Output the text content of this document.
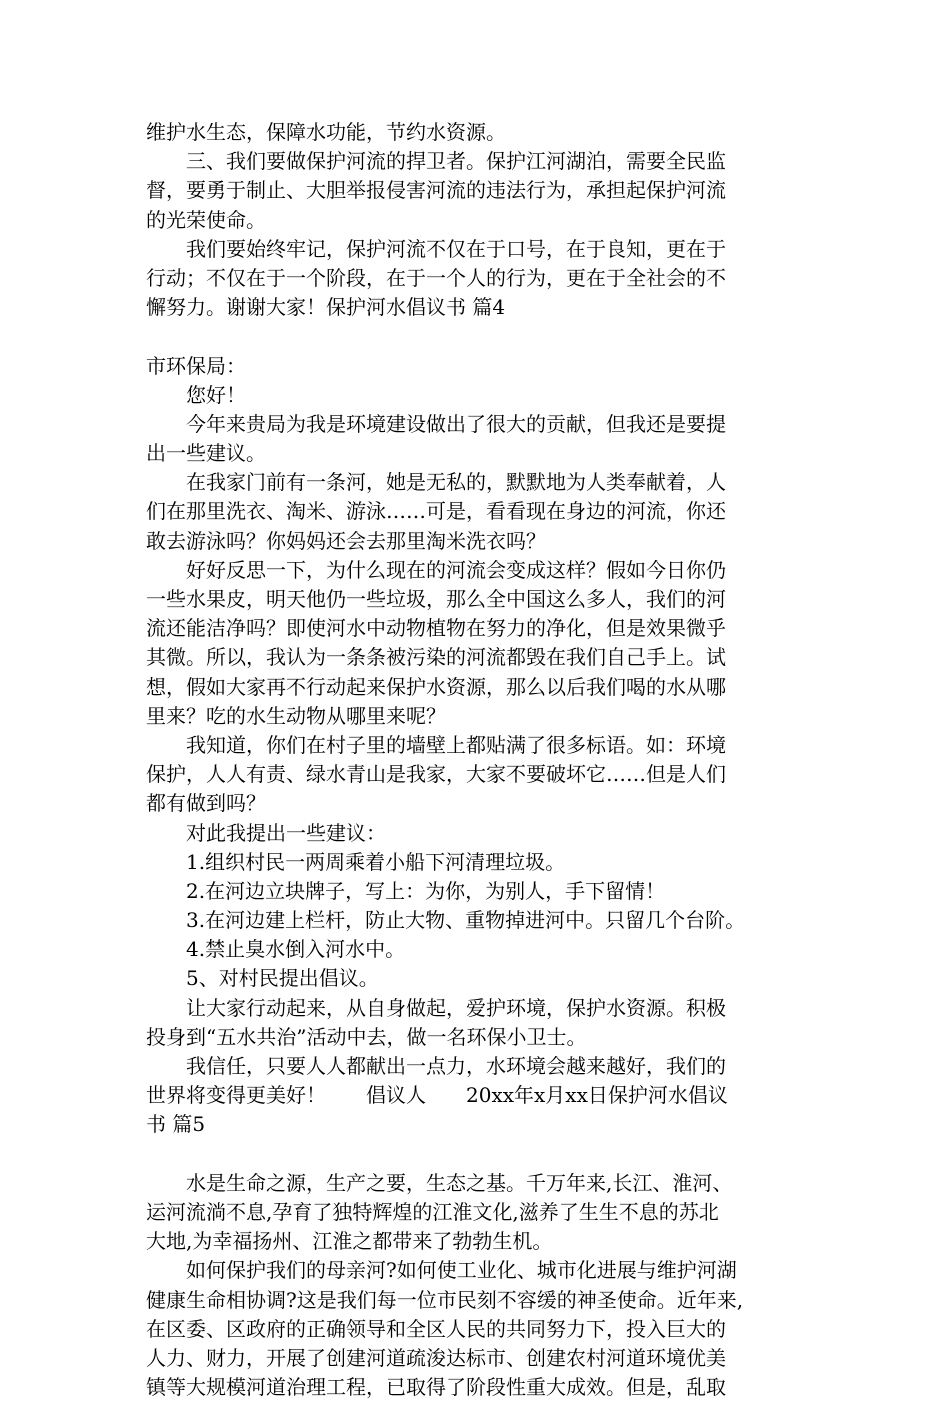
维护水生态，保障水功能，节约水资源。
三、我们要做保护河流的捍卫者。保护江河湖泊，需要全民监
督，要勇于制止、大胆举报侵害河流的违法行为，承担起保护河流
的光荣使命。
我们要始终牢记，保护河流不仅在于口号，在于良知，更在于
行动；不仅在于一个阶段，在于一个人的行为，更在于全社会的不
懈努力。谢谢大家！保护河水倡议书 篇4
市环保局：
您好！
今年来贵局为我是环境建设做出了很大的贡献，但我还是要提
出一些建议。
在我家门前有一条河，她是无私的，默默地为人类奉献着，人
们在那里洗衣、淘米、游泳……可是，看看现在身边的河流，你还
敢去游泳吗？你妈妈还会去那里淘米洗衣吗？
好好反思一下，为什么现在的河流会变成这样？假如今日你仍
一些水果皮，明天他仍一些垃圾，那么全中国这么多人，我们的河
流还能洁净吗？即使河水中动物植物在努力的净化，但是效果微乎
其微。所以，我认为一条条被污染的河流都毁在我们自己手上。试
想，假如大家再不行动起来保护水资源，那么以后我们喝的水从哪
里来？吃的水生动物从哪里来呢？
我知道，你们在村子里的墙壁上都贴满了很多标语。如：环境
保护，人人有责、绿水青山是我家，大家不要破坏它……但是人们
都有做到吗？
对此我提出一些建议：
1.组织村民一两周乘着小船下河清理垃圾。
2.在河边立块牌子，写上：为你，为别人，手下留情！
3.在河边建上栏杆，防止大物、重物掉进河中。只留几个台阶。
4.禁止臭水倒入河水中。
5、对村民提出倡议。
让大家行动起来，从自身做起，爱护环境，保护水资源。积极
投身到“五水共治”活动中去，做一名环保小卫士。
我信任，只要人人都献出一点力，水环境会越来越好，我们的
世界将变得更美好！　　倡议人　　20xx年x月xx日保护河水倡议
书 篇5
水是生命之源，生产之要，生态之基。千万年来,长江、淮河、
运河流淌不息,孕育了独特辉煌的江淮文化,滋养了生生不息的苏北
大地,为幸福扬州、江淮之都带来了勃勃生机。
如何保护我们的母亲河?如何使工业化、城市化进展与维护河湖
健康生命相协调?这是我们每一位市民刻不容缓的神圣使命。近年来,
在区委、区政府的正确领导和全区人民的共同努力下，投入巨大的
人力、财力，开展了创建河道疏浚达标市、创建农村河道环境优美
镇等大规模河道治理工程，已取得了阶段性重大成效。但是，乱取
